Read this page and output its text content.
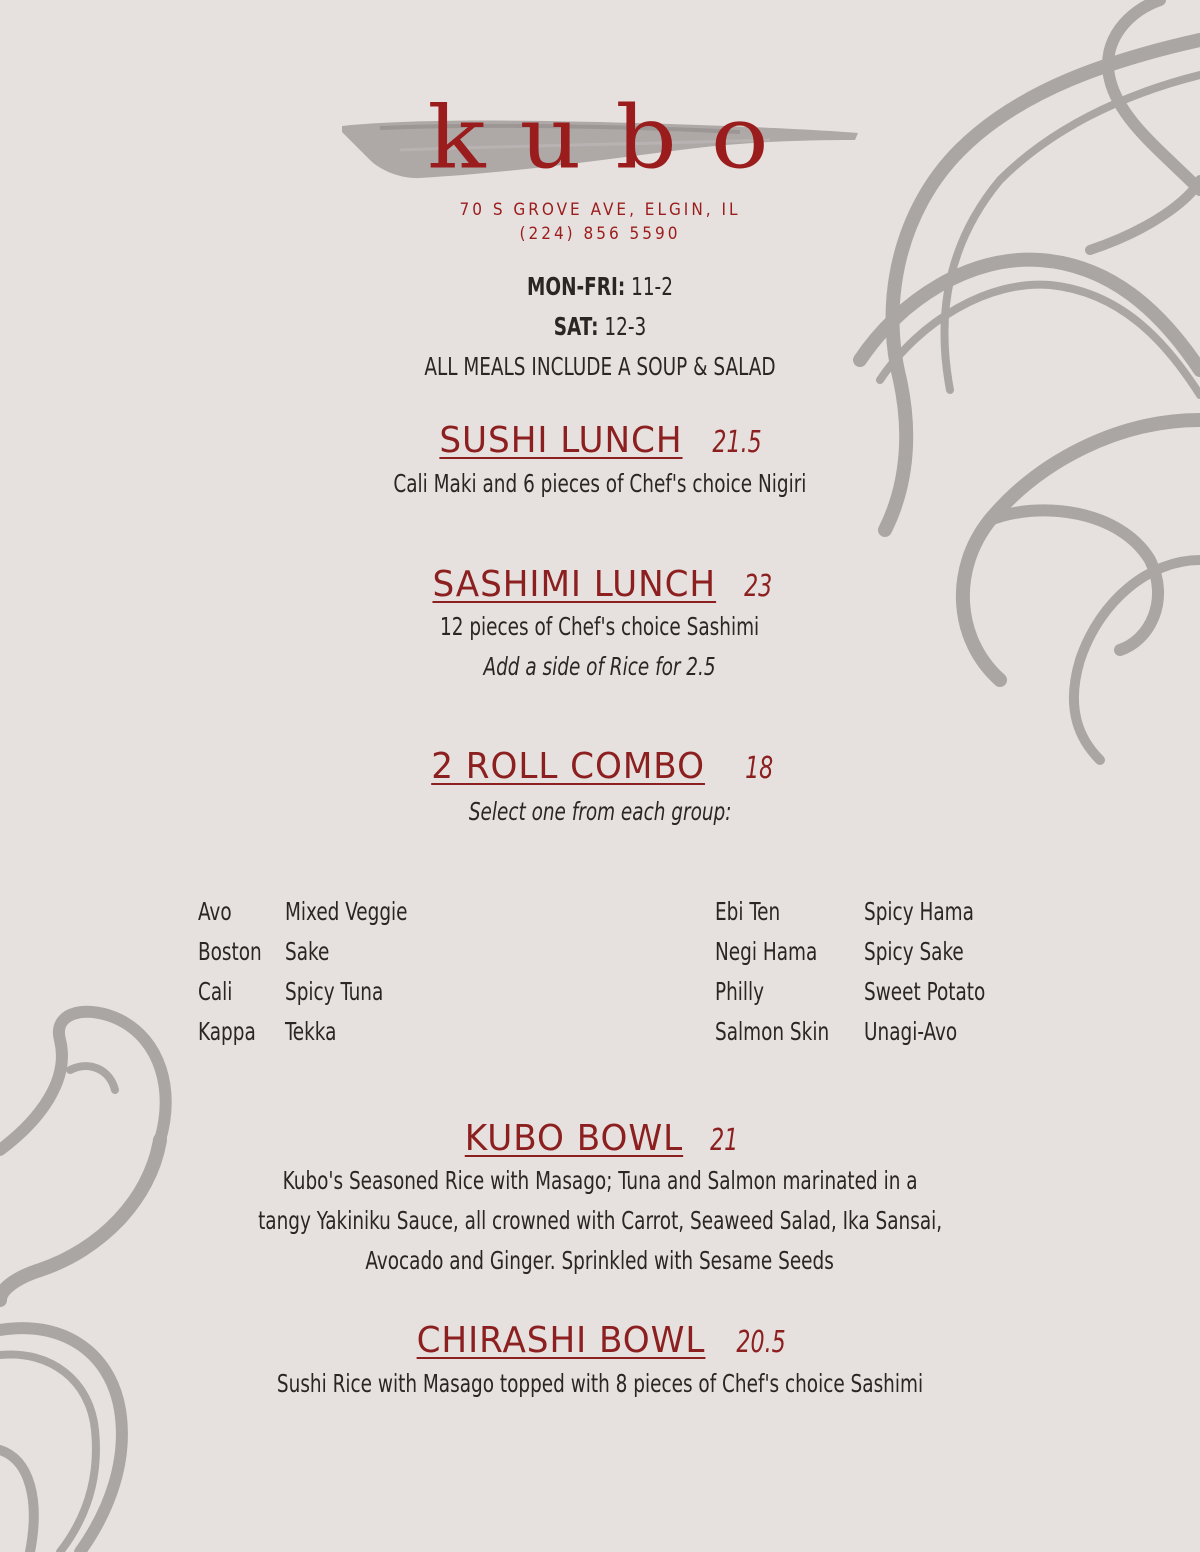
kubo
70 S GROVE AVE, ELGIN, IL
(224) 856 5590
MON-FRI: 11-2
SAT: 12-3
ALL MEALS INCLUDE A SOUP & SALAD
SUSHI LUNCH 21.5
Cali Maki and 6 pieces of Chef's choice Nigiri
SASHIMI LUNCH 23
12 pieces of Chef's choice Sashimi
Add a side of Rice for 2.5
2 ROLL COMBO 18
Select one from each group:
Avo
Boston
Cali
Kappa
Mixed Veggie
Sake
Spicy Tuna
Tekka
Ebi Ten
Negi Hama
Philly
Salmon Skin
Spicy Hama
Spicy Sake
Sweet Potato
Unagi-Avo
KUBO BOWL 21
Kubo's Seasoned Rice with Masago; Tuna and Salmon marinated in a
tangy Yakiniku Sauce, all crowned with Carrot, Seaweed Salad, Ika Sansai,
Avocado and Ginger. Sprinkled with Sesame Seeds
CHIRASHI BOWL 20.5
Sushi Rice with Masago topped with 8 pieces of Chef's choice Sashimi
